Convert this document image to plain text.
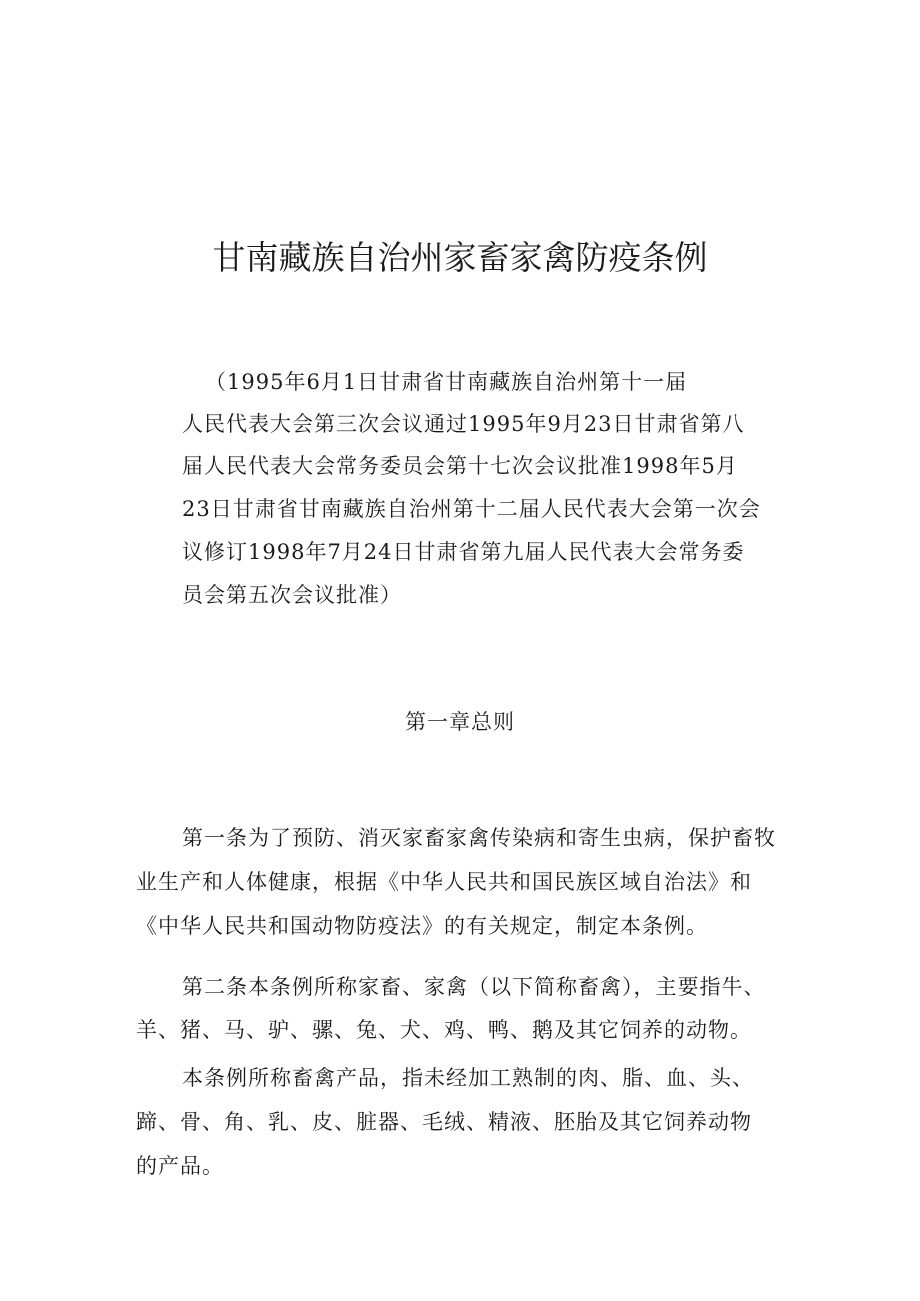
甘南藏族自治州家畜家禽防疫条例
（1995年6月1日甘肃省甘南藏族自治州第十一届
人民代表大会第三次会议通过1995年9月23日甘肃省第八
届人民代表大会常务委员会第十七次会议批准1998年5月
23日甘肃省甘南藏族自治州第十二届人民代表大会第一次会
议修订1998年7月24日甘肃省第九届人民代表大会常务委
员会第五次会议批准）
第一章总则
第一条为了预防、消灭家畜家禽传染病和寄生虫病，保护畜牧
业生产和人体健康，根据《中华人民共和国民族区域自治法》和
《中华人民共和国动物防疫法》的有关规定，制定本条例。
第二条本条例所称家畜、家禽（以下简称畜禽），主要指牛、
羊、猪、马、驴、骡、兔、犬、鸡、鸭、鹅及其它饲养的动物。
本条例所称畜禽产品，指未经加工熟制的肉、脂、血、头、
蹄、骨、角、乳、皮、脏器、毛绒、精液、胚胎及其它饲养动物
的产品。
